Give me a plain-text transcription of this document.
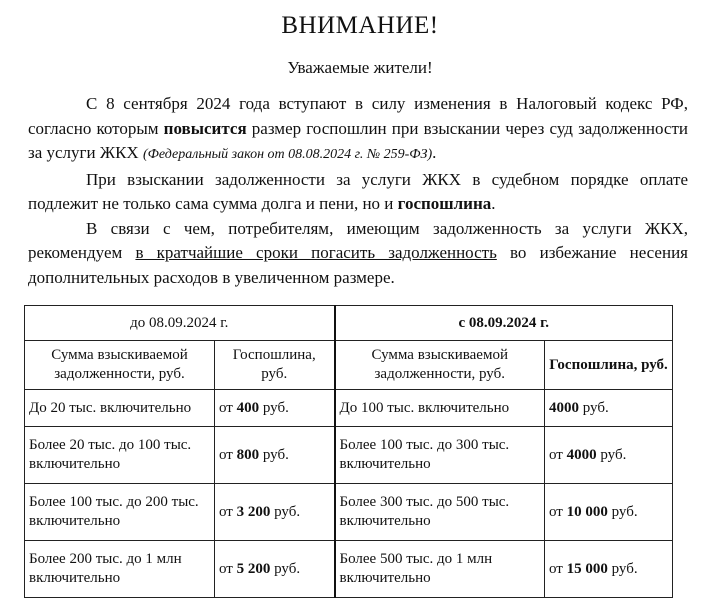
ВНИМАНИЕ!
Уважаемые жители!

С 8 сентября 2024 года вступают в силу изменения в Налоговый кодекс РФ, согласно которым повысится размер госпошлин при взыскании через суд задолженности за услуги ЖКХ (Федеральный закон от 08.08.2024 г. № 259-ФЗ).

При взыскании задолженности за услуги ЖКХ в судебном порядке оплате подлежит не только сама сумма долга и пени, но и госпошлина.

В связи с чем, потребителям, имеющим задолженность за услуги ЖКХ, рекомендуем в кратчайшие сроки погасить задолженность во избежание несения дополнительных расходов в увеличенном размере.

до 08.09.2024 г.		с 08.09.2024 г.	
Сумма взыскиваемой задолженности, руб.	Госпошлина, руб.	Сумма взыскиваемой задолженности, руб.	Госпошлина, руб.
До 20 тыс. включительно	от 400 руб.	До 100 тыс. включительно	4000 руб.
Более 20 тыс. до 100 тыс. включительно	от 800 руб.	Более 100 тыс. до 300 тыс. включительно	от 4000 руб.
Более 100 тыс. до 200 тыс. включительно	от 3 200 руб.	Более 300 тыс. до 500 тыс. включительно	от 10 000 руб.
Более 200 тыс. до 1 млн включительно	от 5 200 руб.	Более 500 тыс. до 1 млн включительно	от 15 000 руб.
